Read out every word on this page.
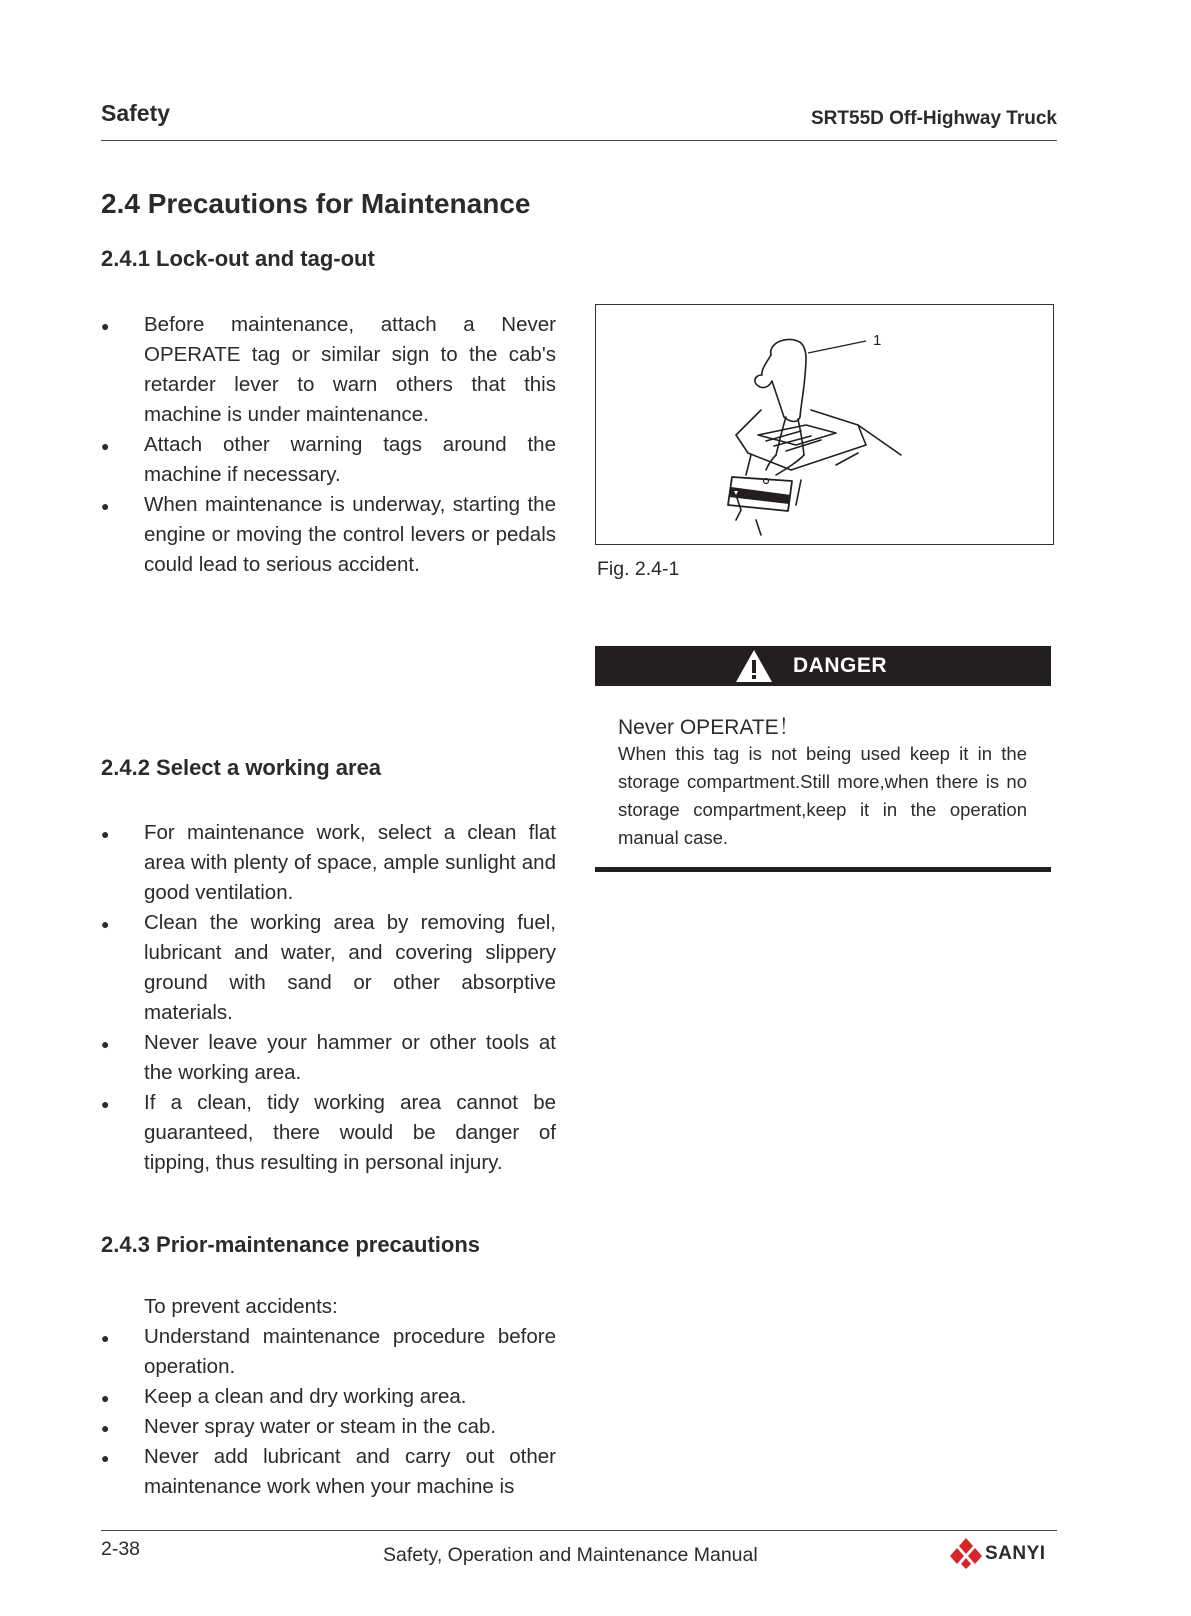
Safety	SRT55D Off-Highway Truck
2.4 Precautions for Maintenance
2.4.1 Lock-out and tag-out
● Before maintenance, attach a Never OPERATE tag or similar sign to the cab's retarder lever to warn others that this machine is under maintenance.
● Attach other warning tags around the machine if necessary.
● When maintenance is underway, starting the engine or moving the control levers or pedals could lead to serious accident.
1
Fig. 2.4-1
DANGER
Never OPERATE！
When this tag is not being used keep it in the storage compartment.Still more,when there is no storage compartment,keep it in the operation manual case.
2.4.2 Select a working area
● For maintenance work, select a clean flat area with plenty of space, ample sunlight and good ventilation.
● Clean the working area by removing fuel, lubricant and water, and covering slippery ground with sand or other absorptive materials.
● Never leave your hammer or other tools at the working area.
● If a clean, tidy working area cannot be guaranteed, there would be danger of tipping, thus resulting in personal injury.
2.4.3 Prior-maintenance precautions
To prevent accidents:
● Understand maintenance procedure before operation.
● Keep a clean and dry working area.
● Never spray water or steam in the cab.
● Never add lubricant and carry out other maintenance work when your machine is
2-38	Safety, Operation and Maintenance Manual	SANYI
